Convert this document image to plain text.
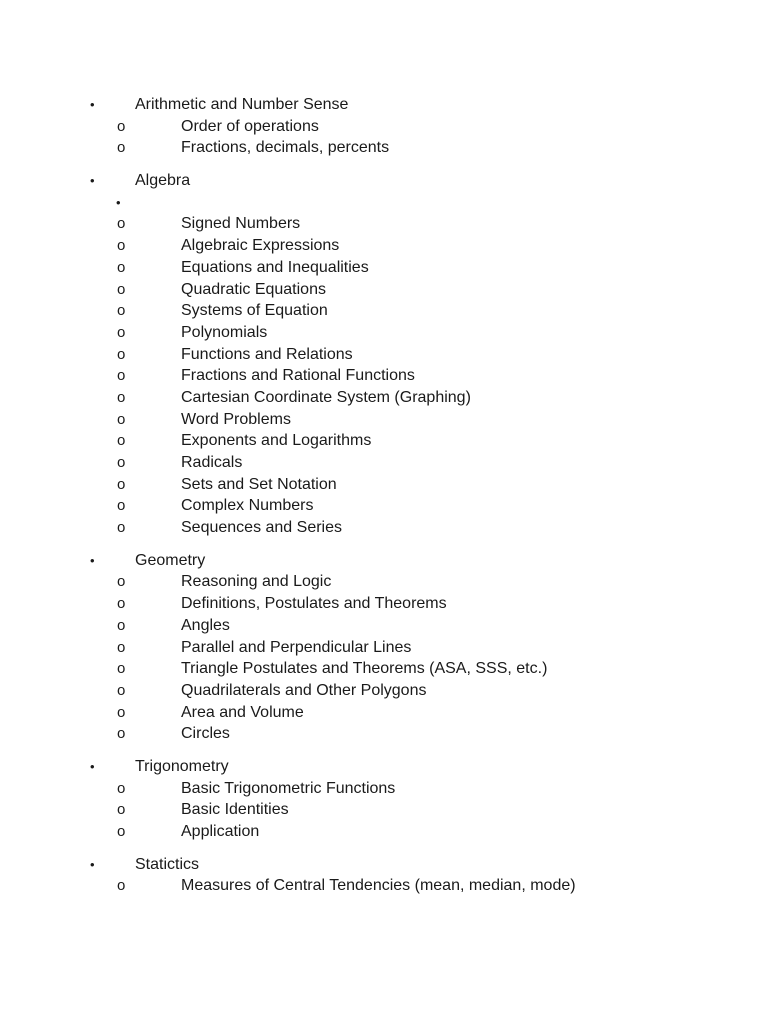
•	Arithmetic and Number Sense
o	Order of operations
o	Fractions, decimals, percents
•	Algebra
•
o	Signed Numbers
o	Algebraic Expressions
o	Equations and Inequalities
o	Quadratic Equations
o	Systems of Equation
o	Polynomials
o	Functions and Relations
o	Fractions and Rational Functions
o	Cartesian Coordinate System (Graphing)
o	Word Problems
o	Exponents and Logarithms
o	Radicals
o	Sets and Set Notation
o	Complex Numbers
o	Sequences and Series
•	Geometry
o	Reasoning and Logic
o	Definitions, Postulates and Theorems
o	Angles
o	Parallel and Perpendicular Lines
o	Triangle Postulates and Theorems (ASA, SSS, etc.)
o	Quadrilaterals and Other Polygons
o	Area and Volume
o	Circles
•	Trigonometry
o	Basic Trigonometric Functions
o	Basic Identities
o	Application
•	Statictics
o	Measures of Central Tendencies (mean, median, mode)
